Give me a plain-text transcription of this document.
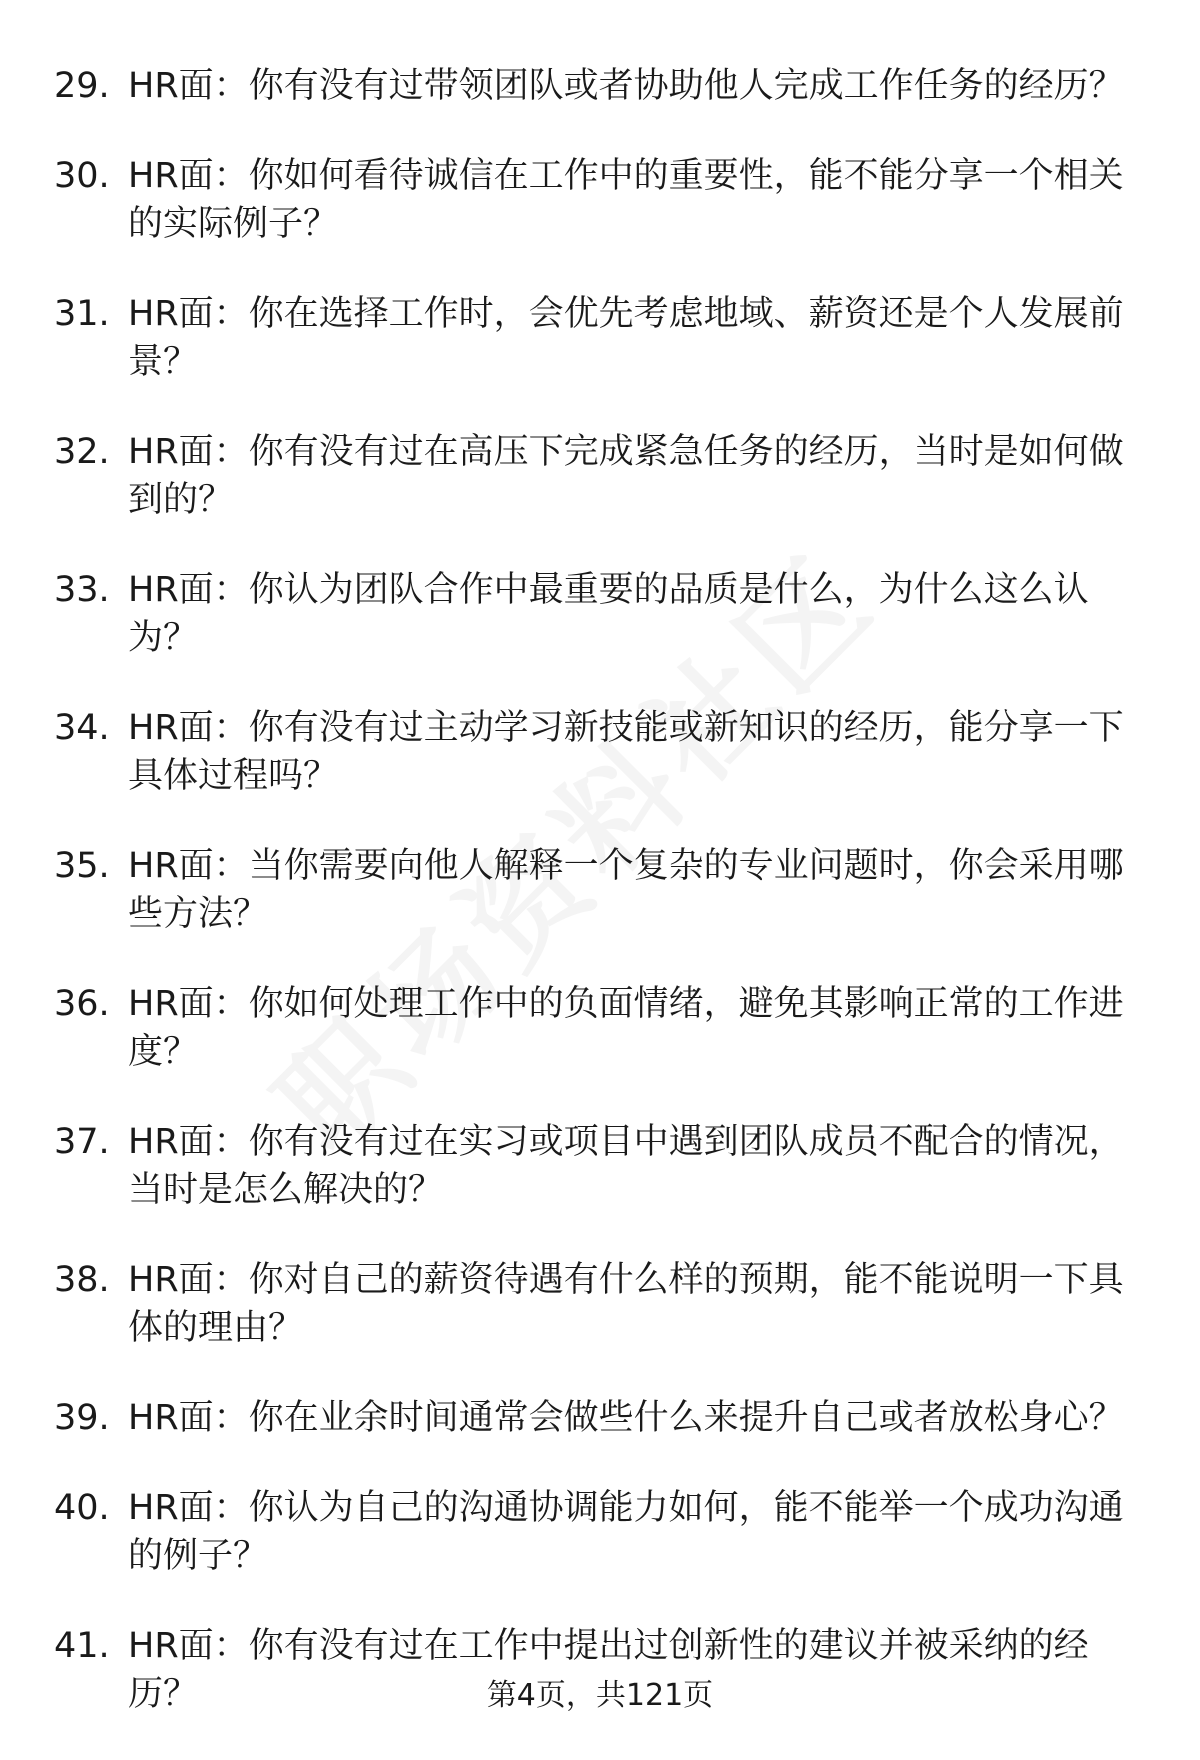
29. HR面：你有没有过带领团队或者协助他人完成工作任务的经历？
30. HR面：你如何看待诚信在工作中的重要性，能不能分享一个相关的实际例子？
31. HR面：你在选择工作时，会优先考虑地域、薪资还是个人发展前景？
32. HR面：你有没有过在高压下完成紧急任务的经历，当时是如何做到的？
33. HR面：你认为团队合作中最重要的品质是什么，为什么这么认为？
34. HR面：你有没有过主动学习新技能或新知识的经历，能分享一下具体过程吗？
35. HR面：当你需要向他人解释一个复杂的专业问题时，你会采用哪些方法？
36. HR面：你如何处理工作中的负面情绪，避免其影响正常的工作进度？
37. HR面：你有没有过在实习或项目中遇到团队成员不配合的情况，当时是怎么解决的？
38. HR面：你对自己的薪资待遇有什么样的预期，能不能说明一下具体的理由？
39. HR面：你在业余时间通常会做些什么来提升自己或者放松身心？
40. HR面：你认为自己的沟通协调能力如何，能不能举一个成功沟通的例子？
41. HR面：你有没有过在工作中提出过创新性的建议并被采纳的经历？	第4页，共121页
